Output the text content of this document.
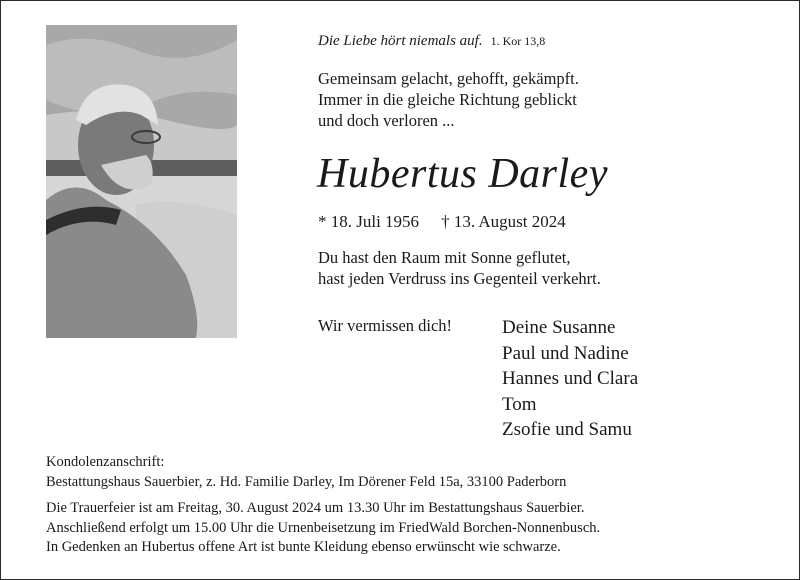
Die Liebe hört niemals auf. 1. Kor 13,8
Gemeinsam gelacht, gehofft, gekämpft.
Immer in die gleiche Richtung geblickt
und doch verloren ...
Hubertus Darley
* 18. Juli 1956 † 13. August 2024
Du hast den Raum mit Sonne geflutet,
hast jeden Verdruss ins Gegenteil verkehrt.
Wir vermissen dich!	Deine Susanne
Paul und Nadine
Hannes und Clara
Tom
Zsofie und Samu
Kondolenzanschrift:
Bestattungshaus Sauerbier, z. Hd. Familie Darley, Im Dörener Feld 15a, 33100 Paderborn
Die Trauerfeier ist am Freitag, 30. August 2024 um 13.30 Uhr im Bestattungshaus Sauerbier.
Anschließend erfolgt um 15.00 Uhr die Urnenbeisetzung im FriedWald Borchen-Nonnenbusch.
In Gedenken an Hubertus offene Art ist bunte Kleidung ebenso erwünscht wie schwarze.
